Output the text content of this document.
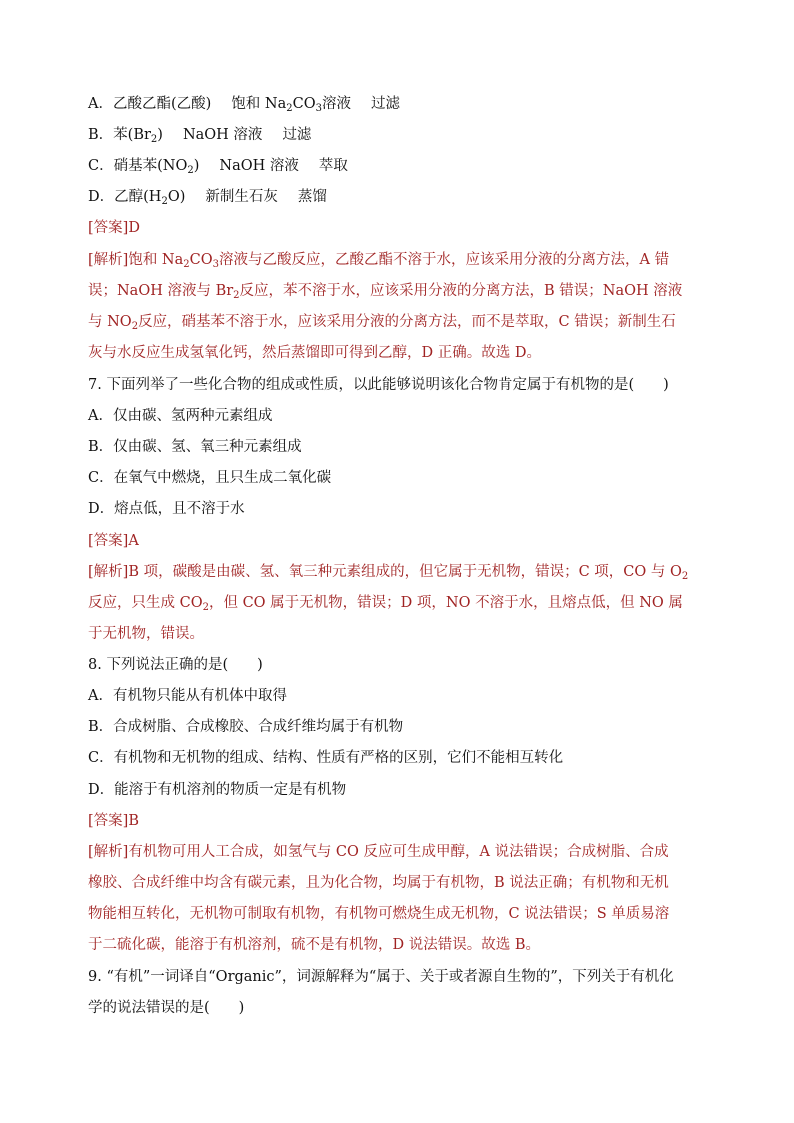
A．乙酸乙酯(乙酸) 饱和 $Na_2CO_3$溶液 过滤
B．苯$(Br_2)$ NaOH 溶液 过滤
C．硝基苯$(NO_2)$ NaOH 溶液 萃取
D．乙醇$(H_2O)$ 新制生石灰 蒸馏
[答案]D
[解析]饱和 $Na_2CO_3$溶液与乙酸反应，乙酸乙酯不溶于水，应该采用分液的分离方法，A 错
误；NaOH 溶液与 $Br_2$反应，苯不溶于水，应该采用分液的分离方法，B 错误；NaOH 溶液
与 $NO_2$反应，硝基苯不溶于水，应该采用分液的分离方法，而不是萃取，C 错误；新制生石
灰与水反应生成氢氧化钙，然后蒸馏即可得到乙醇，D 正确。故选 D。
7. 下面列举了一些化合物的组成或性质，以此能够说明该化合物肯定属于有机物的是(　　)
A．仅由碳、氢两种元素组成
B．仅由碳、氢、氧三种元素组成
C．在氧气中燃烧，且只生成二氧化碳
D．熔点低，且不溶于水
[答案]A
[解析]B 项，碳酸是由碳、氢、氧三种元素组成的，但它属于无机物，错误；C 项，CO 与 $O_2$
反应，只生成 $CO_2$，但 CO 属于无机物，错误；D 项，NO 不溶于水，且熔点低，但 NO 属
于无机物，错误。
8. 下列说法正确的是(　　)
A．有机物只能从有机体中取得
B．合成树脂、合成橡胶、合成纤维均属于有机物
C．有机物和无机物的组成、结构、性质有严格的区别，它们不能相互转化
D．能溶于有机溶剂的物质一定是有机物
[答案]B
[解析]有机物可用人工合成，如氢气与 CO 反应可生成甲醇，A 说法错误；合成树脂、合成
橡胶、合成纤维中均含有碳元素，且为化合物，均属于有机物，B 说法正确；有机物和无机
物能相互转化，无机物可制取有机物，有机物可燃烧生成无机物，C 说法错误；S 单质易溶
于二硫化碳，能溶于有机溶剂，硫不是有机物，D 说法错误。故选 B。
9. “有机”一词译自“Organic”，词源解释为“属于、关于或者源自生物的”，下列关于有机化
学的说法错误的是(　　)
